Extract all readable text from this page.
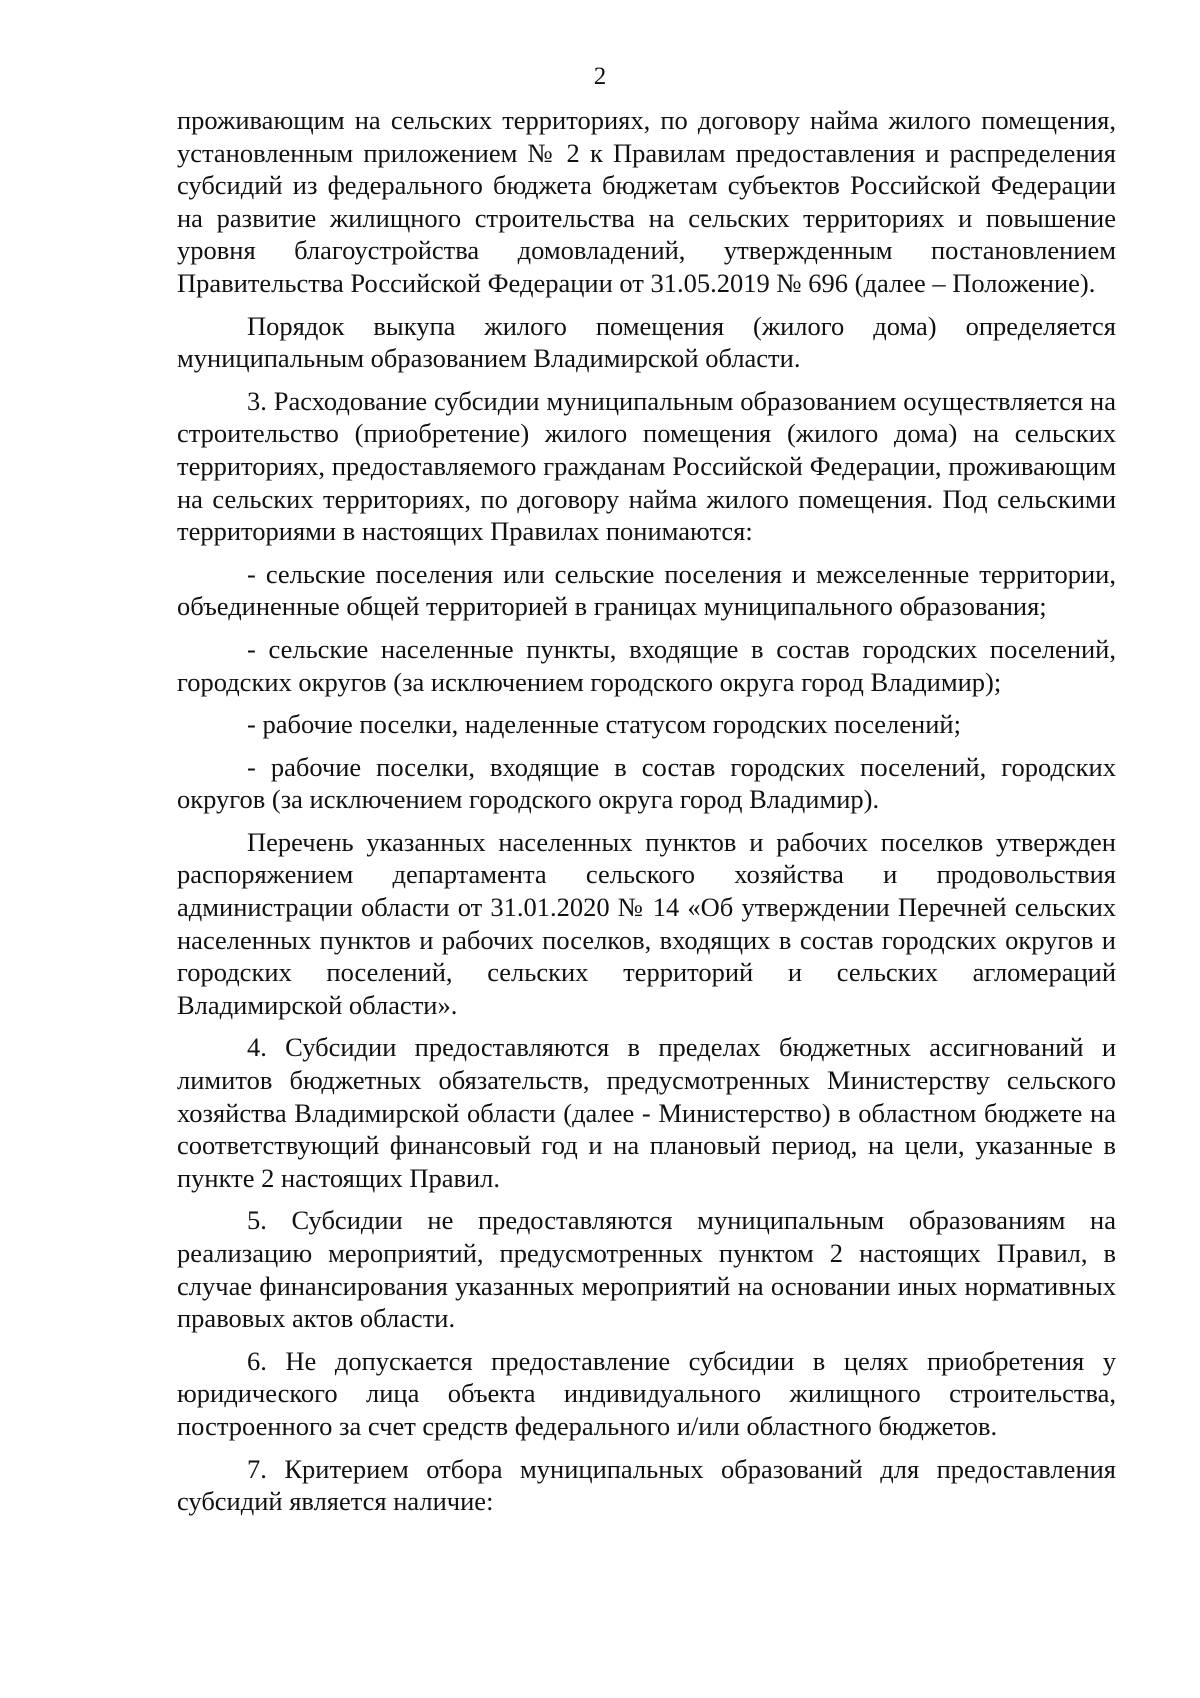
2

проживающим на сельских территориях, по договору найма жилого помещения, установленным приложением № 2 к Правилам предоставления и распределения субсидий из федерального бюджета бюджетам субъектов Российской Федерации на развитие жилищного строительства на сельских территориях и повышение уровня благоустройства домовладений, утвержденным постановлением Правительства Российской Федерации от 31.05.2019 № 696 (далее – Положение).

Порядок выкупа жилого помещения (жилого дома) определяется муниципальным образованием Владимирской области.

3. Расходование субсидии муниципальным образованием осуществляется на строительство (приобретение) жилого помещения (жилого дома) на сельских территориях, предоставляемого гражданам Российской Федерации, проживающим на сельских территориях, по договору найма жилого помещения. Под сельскими территориями в настоящих Правилах понимаются:

- сельские поселения или сельские поселения и межселенные территории, объединенные общей территорией в границах муниципального образования;

- сельские населенные пункты, входящие в состав городских поселений, городских округов (за исключением городского округа город Владимир);

- рабочие поселки, наделенные статусом городских поселений;

- рабочие поселки, входящие в состав городских поселений, городских округов (за исключением городского округа город Владимир).

Перечень указанных населенных пунктов и рабочих поселков утвержден распоряжением департамента сельского хозяйства и продовольствия администрации области от 31.01.2020 № 14 «Об утверждении Перечней сельских населенных пунктов и рабочих поселков, входящих в состав городских округов и городских поселений, сельских территорий и сельских агломераций Владимирской области».

4. Субсидии предоставляются в пределах бюджетных ассигнований и лимитов бюджетных обязательств, предусмотренных Министерству сельского хозяйства Владимирской области (далее - Министерство) в областном бюджете на соответствующий финансовый год и на плановый период, на цели, указанные в пункте 2 настоящих Правил.

5. Субсидии не предоставляются муниципальным образованиям на реализацию мероприятий, предусмотренных пунктом 2 настоящих Правил, в случае финансирования указанных мероприятий на основании иных нормативных правовых актов области.

6. Не допускается предоставление субсидии в целях приобретения у юридического лица объекта индивидуального жилищного строительства, построенного за счет средств федерального и/или областного бюджетов.

7. Критерием отбора муниципальных образований для предоставления субсидий является наличие:
